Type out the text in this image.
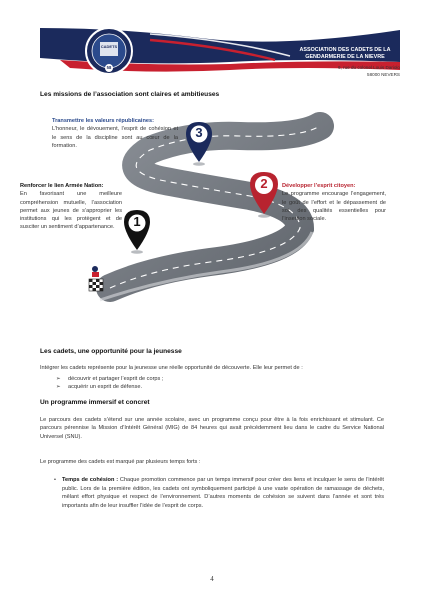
CADETS
58
ASSOCIATION DES CADETS DE LA GENDARMERIE DE LA NIEVRE
6, rue du colonel Louis Dariolo
58000 NEVERS
Les missions de l’association sont claires et ambitieuses
3
2
1
Transmettre les valeurs républicaines:
L’honneur, le dévouement, l’esprit de cohésion et le sens de la discipline sont au cœur de la formation.
Renforcer le lien Armée Nation:
En favorisant une meilleure compréhension mutuelle, l’association permet aux jeunes de s’approprier les institutions qui les protègent et de susciter un sentiment d’appartenance.
Développer l’esprit citoyen:
Le programme encourage l’engagement, le goût de l’effort et le dépassement de soi, des qualités essentielles pour l’insertion sociale.
Les cadets, une opportunité pour la jeunesse
Intégrer les cadets représente pour la jeunesse une réelle opportunité de découverte. Elle leur permet de :
➢	découvrir et partager l’esprit de corps ;
➢	acquérir un esprit de défense.
Un programme immersif et concret
Le parcours des cadets s’étend sur une année scolaire, avec un programme conçu pour être à la fois enrichissant et stimulant. Ce parcours pérennise la Mission d’Intérêt Général (MIG) de 84 heures qui avait précédemment lieu dans le cadre du Service National Universel (SNU).
Le programme des cadets est marqué par plusieurs temps forts :
• Temps de cohésion : Chaque promotion commence par un temps immersif pour créer des liens et inculquer le sens de l’intérêt public. Lors de la première édition, les cadets ont symboliquement participé à une vaste opération de ramassage de déchets, mêlant effort physique et respect de l’environnement. D’autres moments de cohésion se suivent dans l’année et sont très importants afin de leur insuffler l’idée de l’esprit de corps.
4
